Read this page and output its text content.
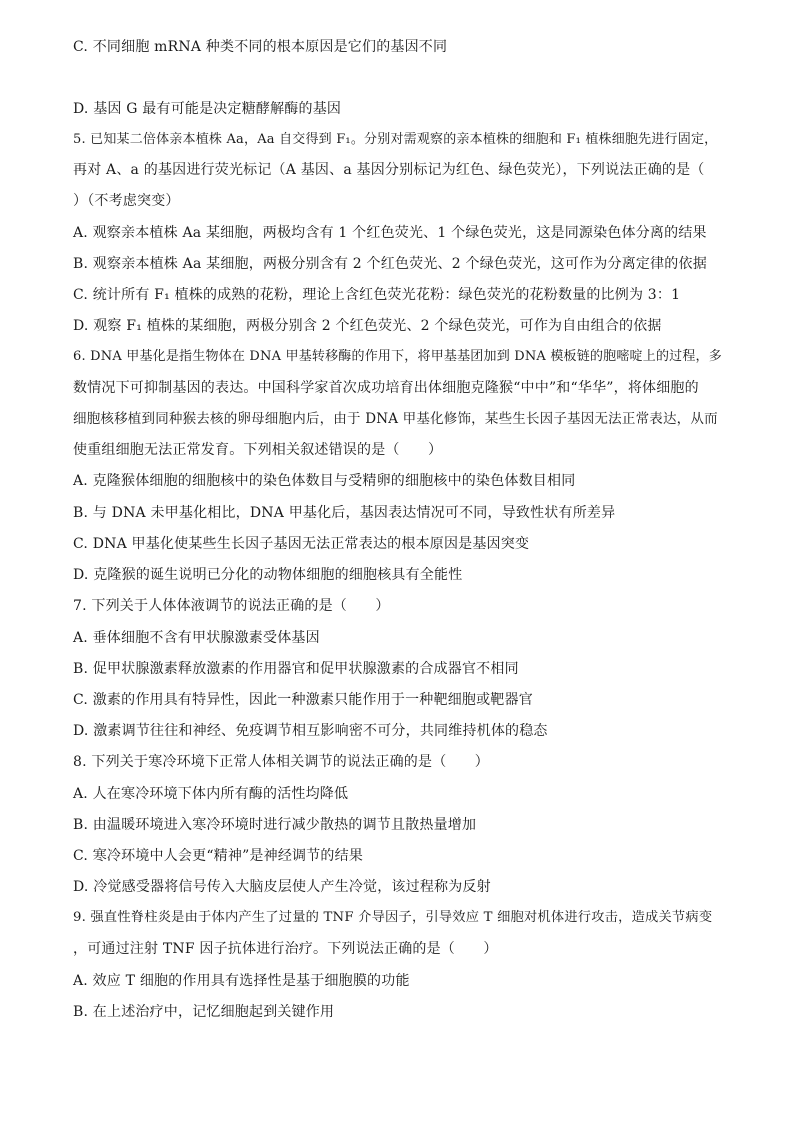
C. 不同细胞 mRNA 种类不同的根本原因是它们的基因不同
D. 基因 G 最有可能是决定糖酵解酶的基因
5. 已知某二倍体亲本植株 Aa，Aa 自交得到 F₁。分别对需观察的亲本植株的细胞和 F₁ 植株细胞先进行固定，
再对 A、a 的基因进行荧光标记（A 基因、a 基因分别标记为红色、绿色荧光），下列说法正确的是（
）（不考虑突变）
A. 观察亲本植株 Aa 某细胞，两极均含有 1 个红色荧光、1 个绿色荧光，这是同源染色体分离的结果
B. 观察亲本植株 Aa 某细胞，两极分别含有 2 个红色荧光、2 个绿色荧光，这可作为分离定律的依据
C. 统计所有 F₁ 植株的成熟的花粉，理论上含红色荧光花粉：绿色荧光的花粉数量的比例为 3：1
D. 观察 F₁ 植株的某细胞，两极分别含 2 个红色荧光、2 个绿色荧光，可作为自由组合的依据
6. DNA 甲基化是指生物体在 DNA 甲基转移酶的作用下，将甲基基团加到 DNA 模板链的胞嘧啶上的过程，多
数情况下可抑制基因的表达。中国科学家首次成功培育出体细胞克隆猴“中中”和“华华”，将体细胞的
细胞核移植到同种猴去核的卵母细胞内后，由于 DNA 甲基化修饰，某些生长因子基因无法正常表达，从而
使重组细胞无法正常发育。下列相关叙述错误的是（　　）
A. 克隆猴体细胞的细胞核中的染色体数目与受精卵的细胞核中的染色体数目相同
B. 与 DNA 未甲基化相比，DNA 甲基化后，基因表达情况可不同，导致性状有所差异
C. DNA 甲基化使某些生长因子基因无法正常表达的根本原因是基因突变
D. 克隆猴的诞生说明已分化的动物体细胞的细胞核具有全能性
7. 下列关于人体体液调节的说法正确的是（　　）
A. 垂体细胞不含有甲状腺激素受体基因
B. 促甲状腺激素释放激素的作用器官和促甲状腺激素的合成器官不相同
C. 激素的作用具有特异性，因此一种激素只能作用于一种靶细胞或靶器官
D. 激素调节往往和神经、免疫调节相互影响密不可分，共同维持机体的稳态
8. 下列关于寒冷环境下正常人体相关调节的说法正确的是（　　）
A. 人在寒冷环境下体内所有酶的活性均降低
B. 由温暖环境进入寒冷环境时进行减少散热的调节且散热量增加
C. 寒冷环境中人会更“精神”是神经调节的结果
D. 冷觉感受器将信号传入大脑皮层使人产生冷觉，该过程称为反射
9. 强直性脊柱炎是由于体内产生了过量的 TNF 介导因子，引导效应 T 细胞对机体进行攻击，造成关节病变
，可通过注射 TNF 因子抗体进行治疗。下列说法正确的是（　　）
A. 效应 T 细胞的作用具有选择性是基于细胞膜的功能
B. 在上述治疗中，记忆细胞起到关键作用
